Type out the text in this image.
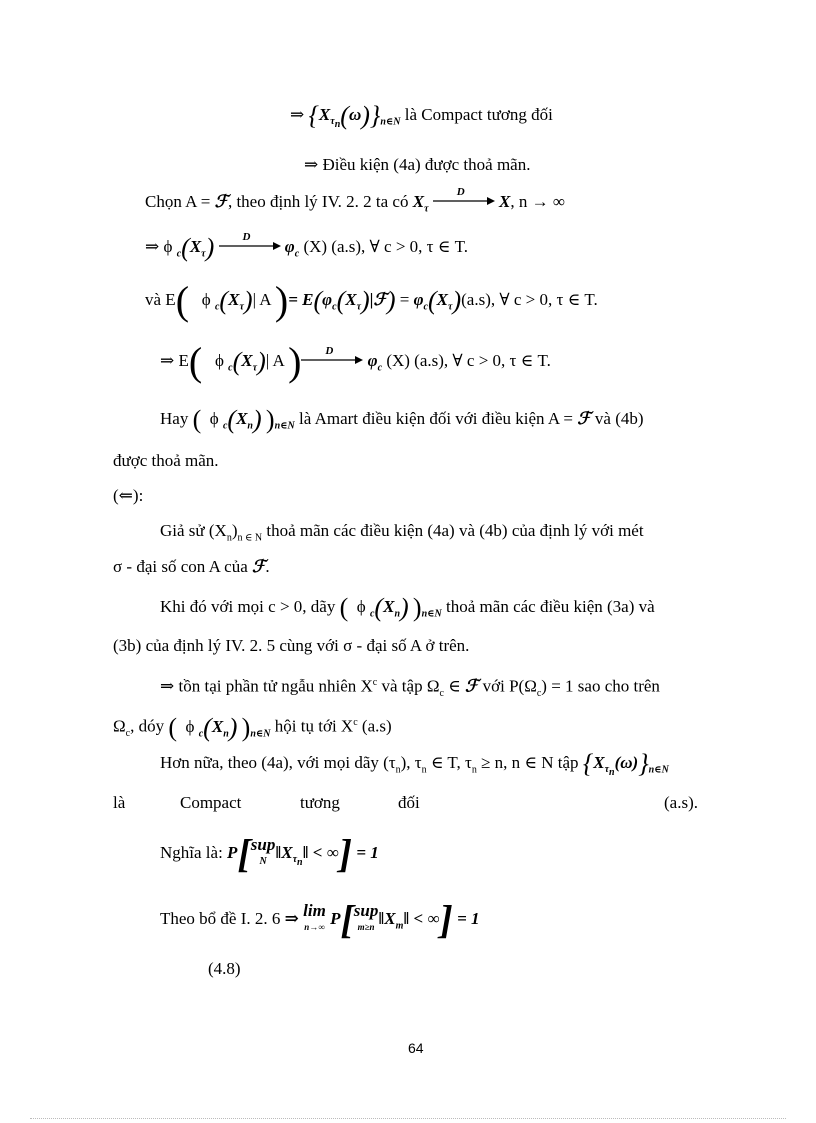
⇒ $\{X_{\tau_n}(\omega)\}_{n\in N}$ là Compact tương đối
⇒ Điều kiện (4a) được thoả mãn.
Chọn A = ℱ, theo định lý IV. 2. 2 ta có $X_\tau$
D X, n → ∞
⇒ ϕ $_c(X_\tau)$	D $\varphi_c$ (X) (a.s), ∀ c > 0, τ ∈ T.
và E(   ϕ $_c(X_\tau)|$ A )= $E(\varphi_c(X_\tau)|ℱ) = \varphi_c(X_\tau)(a.s)$, ∀ c > 0, τ ∈ T.
⇒ E(   ϕ $_c(X_\tau)|$ A ) D $\varphi_c$ (X) (a.s), ∀ c > 0, τ ∈ T.
Hay (  ϕ $_c(X_n)$ )$_{n\in N}$ là Amart điều kiện đối với điều kiện A = ℱ và (4b)
được thoả mãn.
(⇐):
Giả sử $(X_n)_{n \in N}$ thoả mãn các điều kiện (4a) và (4b) của định lý với mét
σ - đại số con A của ℱ.
Khi đó với mọi c > 0, dãy (  ϕ $_c(X_n)$ )$_{n\in N}$ thoả mãn các điều kiện (3a) và
(3b) của định lý IV. 2. 5 cùng với σ - đại số A ở trên.
⇒ tồn tại phần tử ngẫu nhiên $X^c$ và tập $\Omega_c$ ∈ ℱ với $P(\Omega_c) = 1$ sao cho trên
$\Omega_c$, dóy (  ϕ $_c(X_n)$ )$_{n\in N}$ hội tụ tới $X^c$ (a.s)
Hơn nữa, theo (4a), với mọi dãy $(\tau_n)$, $\tau_n$ ∈ T, $\tau_n \ge n$, n ∈ N tập $\{X_{\tau_n}(\omega)\}_{n\in N}$
là	Compact	tương	đối	(a.s).
Nghĩa là: P[sup
N $‖X_{\tau_n}‖$ < ∞] = 1
Theo bổ đề I. 2. 6 ⇒ lim
n→∞ P[sup
m≥n $‖X_m‖$ < ∞] = 1
(4.8)
64
